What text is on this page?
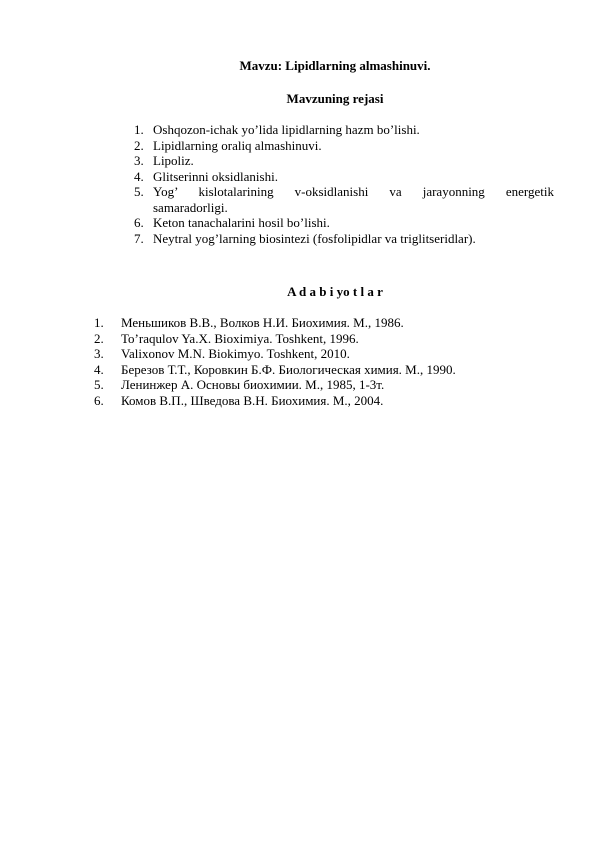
Mavzu: Lipidlarning almashinuvi.
Mavzuning rejasi
1. Oshqozon-ichak yo’lida lipidlarning hazm bo’lishi.
2. Lipidlarning oraliq almashinuvi.
3. Lipoliz.
4. Glitserinni oksidlanishi.
5. Yog’ kislotalarining v-oksidlanishi va jarayonning energetik
samaradorligi.
6. Keton tanachalarini hosil bo’lishi.
7. Neytral yog’larning biosintezi (fosfolipidlar va triglitseridlar).
A d a b i yo t l a r
1. Меньшиков В.В., Волков Н.И. Биохимия. М., 1986.
2. To’raqulov Ya.X. Bioximiya. Toshkent, 1996.
3. Valixonov M.N. Biokimyo. Toshkent, 2010.
4. Березов Т.Т., Коровкин Б.Ф. Биологическая химия. М., 1990.
5. Ленинжер А. Основы биохимии. М., 1985, 1-3т.
6. Комов В.П., Шведова В.Н. Биохимия. М., 2004.
